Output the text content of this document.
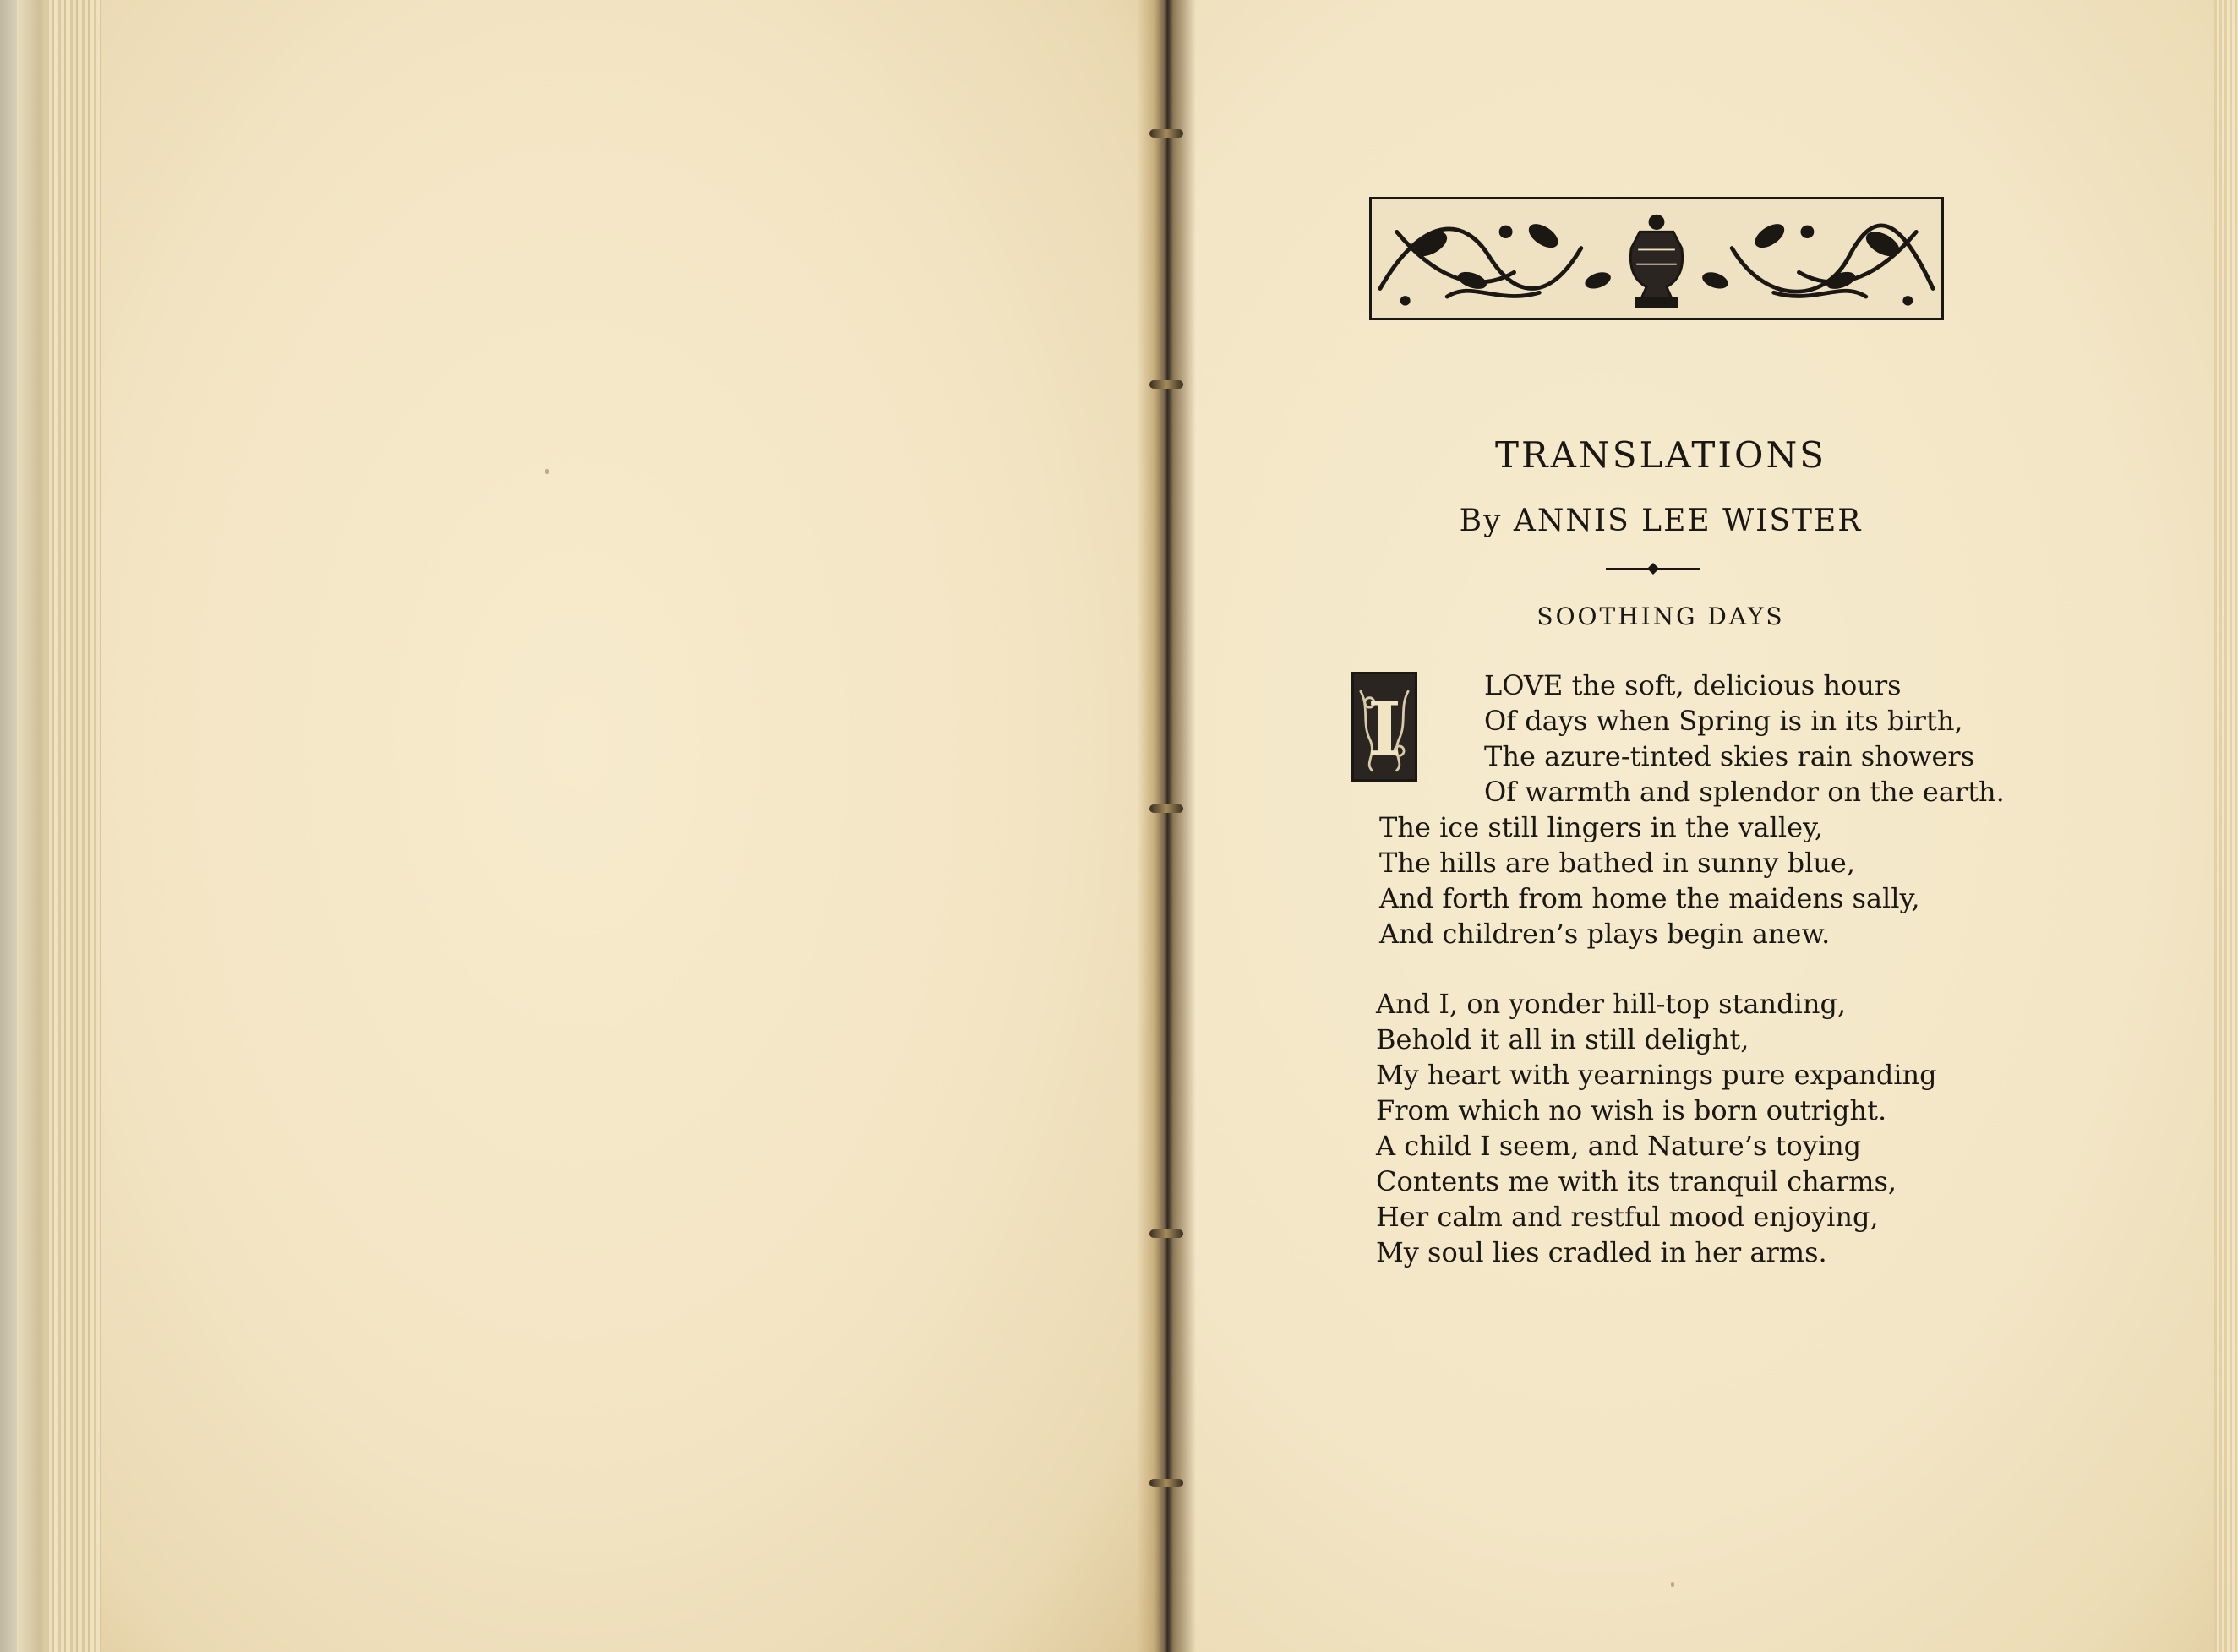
TRANSLATIONS
By ANNIS LEE WISTER
SOOTHING DAYS
I
LOVE the soft, delicious hours
Of days when Spring is in its birth,
The azure-tinted skies rain showers
Of warmth and splendor on the earth.
The ice still lingers in the valley,
The hills are bathed in sunny blue,
And forth from home the maidens sally,
And children’s plays begin anew.
And I, on yonder hill-top standing,
Behold it all in still delight,
My heart with yearnings pure expanding
From which no wish is born outright.
A child I seem, and Nature’s toying
Contents me with its tranquil charms,
Her calm and restful mood enjoying,
My soul lies cradled in her arms.
